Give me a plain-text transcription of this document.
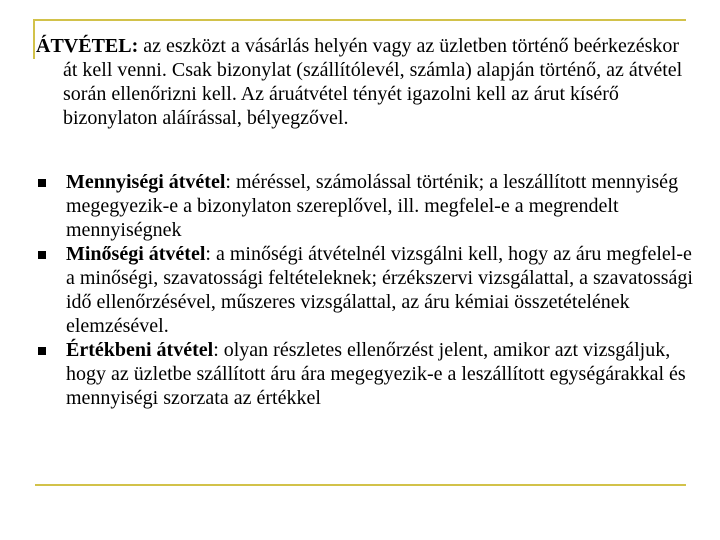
ÁTVÉTEL: az eszközt a vásárlás helyén vagy az üzletben történő beérkezéskor át kell venni. Csak bizonylat (szállítólevél, számla) alapján történő, az átvétel során ellenőrizni kell. Az áruátvétel tényét igazolni kell az árut kísérő bizonylaton aláírással, bélyegzővel.

Mennyiségi átvétel: méréssel, számolással történik; a leszállított mennyiség megegyezik-e a bizonylaton szereplővel, ill. megfelel-e a megrendelt mennyiségnek
Minőségi átvétel: a minőségi átvételnél vizsgálni kell, hogy az áru megfelel-e a minőségi, szavatossági feltételeknek; érzékszervi vizsgálattal, a szavatossági idő ellenőrzésével, műszeres vizsgálattal, az áru kémiai összetételének elemzésével.
Értékbeni átvétel: olyan részletes ellenőrzést jelent, amikor azt vizsgáljuk, hogy az üzletbe szállított áru ára megegyezik-e a leszállított egységárakkal és mennyiségi szorzata az értékkel
